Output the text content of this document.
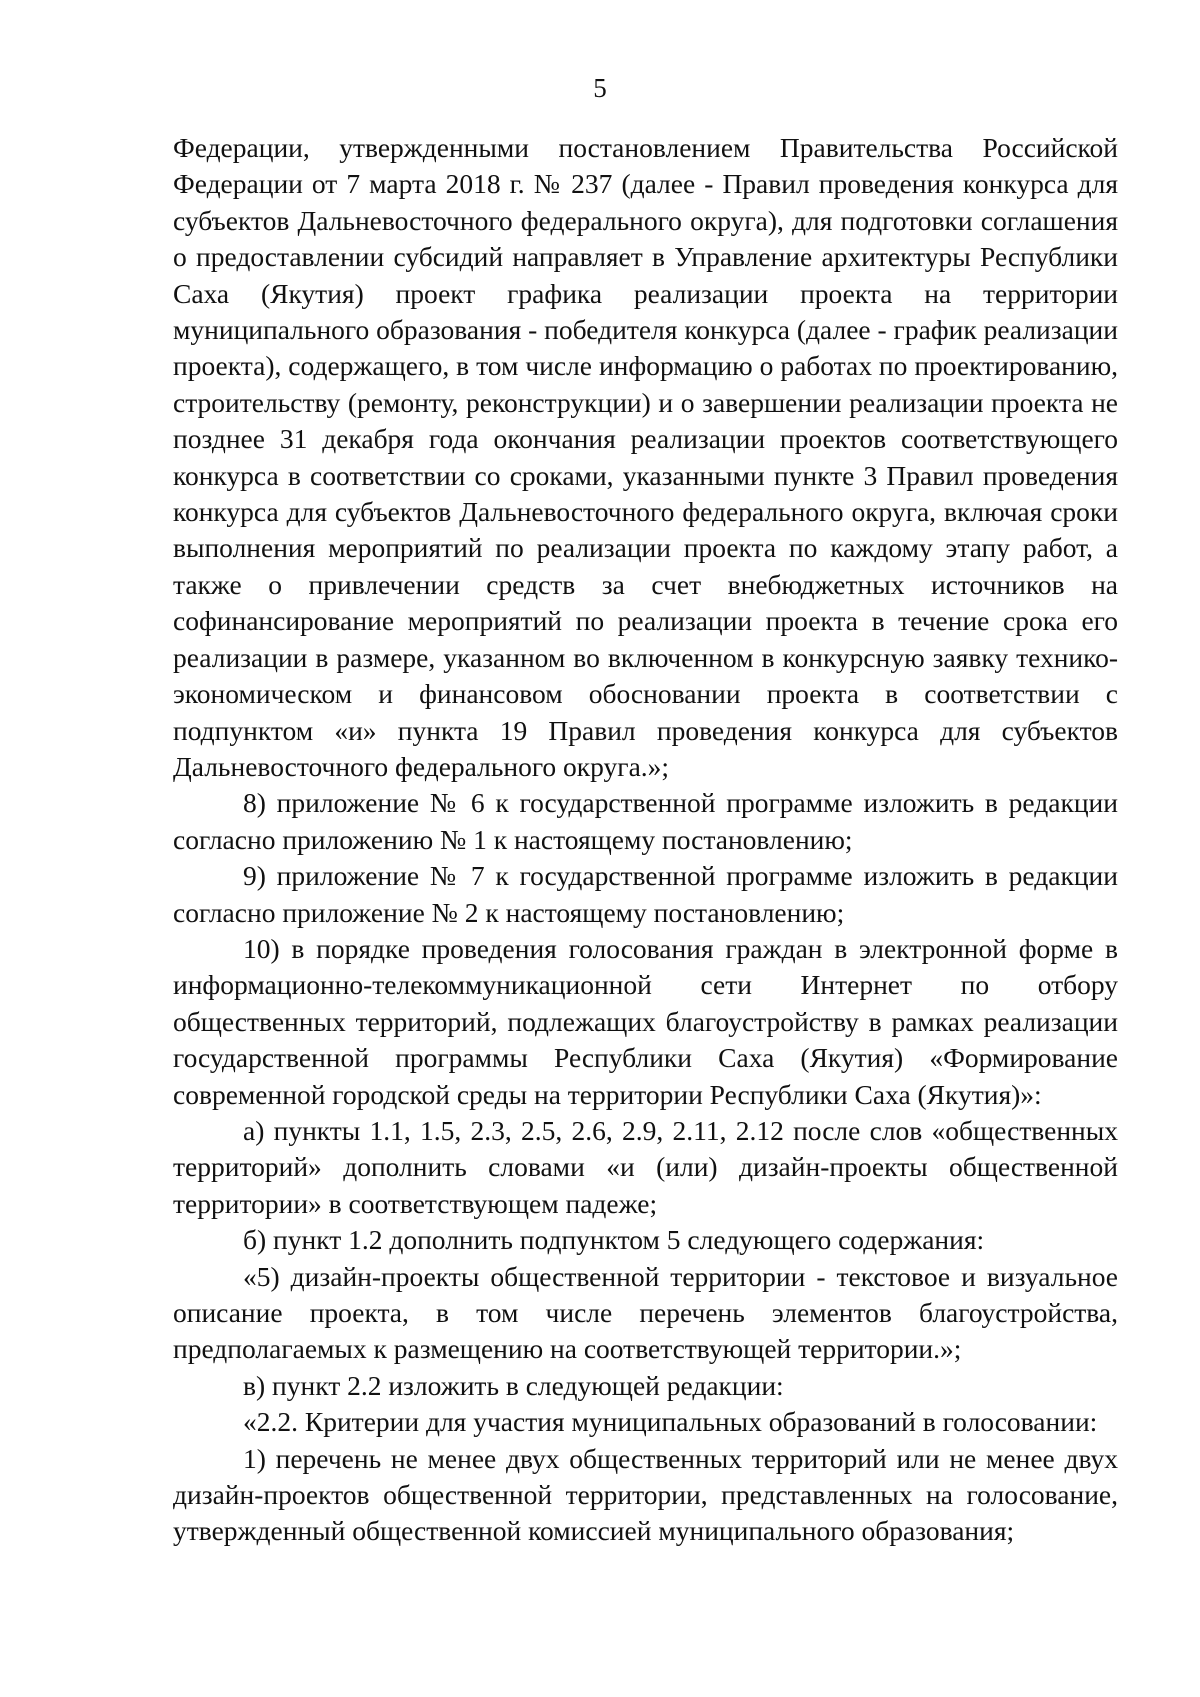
5

Федерации, утвержденными постановлением Правительства Российской Федерации от 7 марта 2018 г. № 237 (далее - Правил проведения конкурса для субъектов Дальневосточного федерального округа), для подготовки соглашения о предоставлении субсидий направляет в Управление архитектуры Республики Саха (Якутия) проект графика реализации проекта на территории муниципального образования - победителя конкурса (далее - график реализации проекта), содержащего, в том числе информацию о работах по проектированию, строительству (ремонту, реконструкции) и о завершении реализации проекта не позднее 31 декабря года окончания реализации проектов соответствующего конкурса в соответствии со сроками, указанными пункте 3 Правил проведения конкурса для субъектов Дальневосточного федерального округа, включая сроки выполнения мероприятий по реализации проекта по каждому этапу работ, а также о привлечении средств за счет внебюджетных источников на софинансирование мероприятий по реализации проекта в течение срока его реализации в размере, указанном во включенном в конкурсную заявку технико-экономическом и финансовом обосновании проекта в соответствии с подпунктом «и» пункта 19 Правил проведения конкурса для субъектов Дальневосточного федерального округа.»;

8) приложение № 6 к государственной программе изложить в редакции согласно приложению № 1 к настоящему постановлению;

9) приложение № 7 к государственной программе изложить в редакции согласно приложение № 2 к настоящему постановлению;

10) в порядке проведения голосования граждан в электронной форме в информационно-телекоммуникационной сети Интернет по отбору общественных территорий, подлежащих благоустройству в рамках реализации государственной программы Республики Саха (Якутия) «Формирование современной городской среды на территории Республики Саха (Якутия)»:

а) пункты 1.1, 1.5, 2.3, 2.5, 2.6, 2.9, 2.11, 2.12 после слов «общественных территорий» дополнить словами «и (или) дизайн-проекты общественной территории» в соответствующем падеже;

б) пункт 1.2 дополнить подпунктом 5 следующего содержания:

«5) дизайн-проекты общественной территории - текстовое и визуальное описание проекта, в том числе перечень элементов благоустройства, предполагаемых к размещению на соответствующей территории.»;

в) пункт 2.2 изложить в следующей редакции:

«2.2. Критерии для участия муниципальных образований в голосовании:

1) перечень не менее двух общественных территорий или не менее двух дизайн-проектов общественной территории, представленных на голосование, утвержденный общественной комиссией муниципального образования;
